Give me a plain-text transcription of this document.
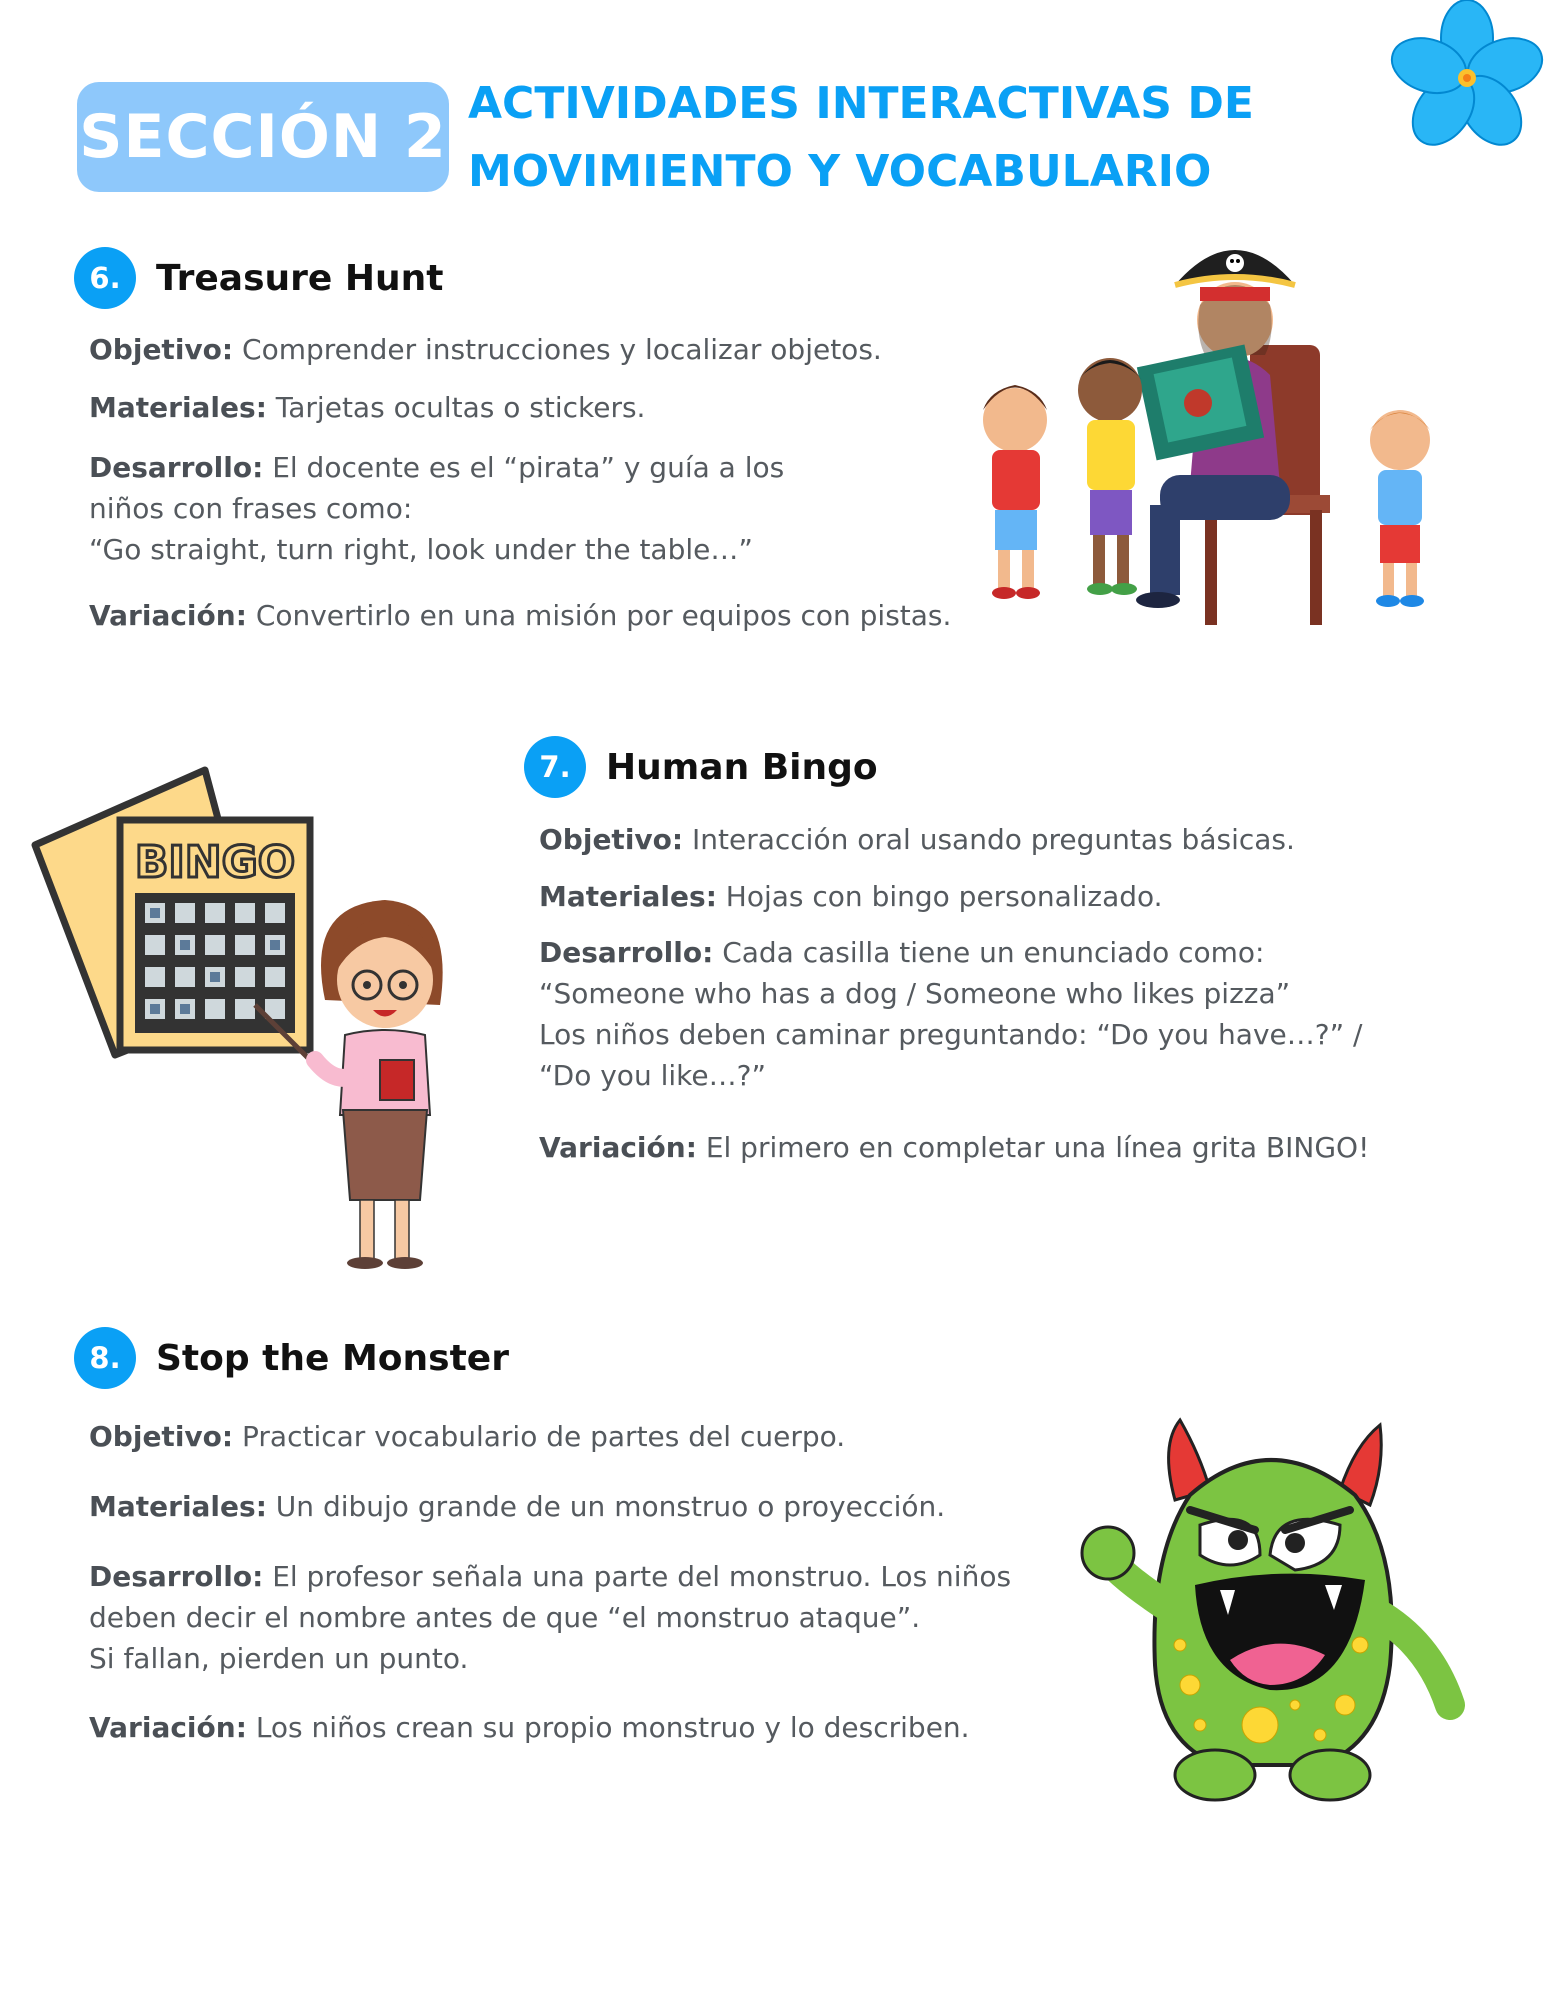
SECCIÓN 2 ACTIVIDADES INTERACTIVAS DE
MOVIMIENTO Y VOCABULARIO
6. Treasure Hunt
Objetivo: Comprender instrucciones y localizar objetos.
Materiales: Tarjetas ocultas o stickers.
Desarrollo: El docente es el “pirata” y guía a los
niños con frases como:
“Go straight, turn right, look under the table…”
Variación: Convertirlo en una misión por equipos con pistas.
7. Human Bingo
Objetivo: Interacción oral usando preguntas básicas.
Materiales: Hojas con bingo personalizado.
Desarrollo: Cada casilla tiene un enunciado como:
“Someone who has a dog / Someone who likes pizza”
Los niños deben caminar preguntando: “Do you have…?” /
“Do you like…?”
Variación: El primero en completar una línea grita BINGO!
BINGO
8. Stop the Monster
Objetivo: Practicar vocabulario de partes del cuerpo.
Materiales: Un dibujo grande de un monstruo o proyección.
Desarrollo: El profesor señala una parte del monstruo. Los niños
deben decir el nombre antes de que “el monstruo ataque”.
Si fallan, pierden un punto.
Variación: Los niños crean su propio monstruo y lo describen.
